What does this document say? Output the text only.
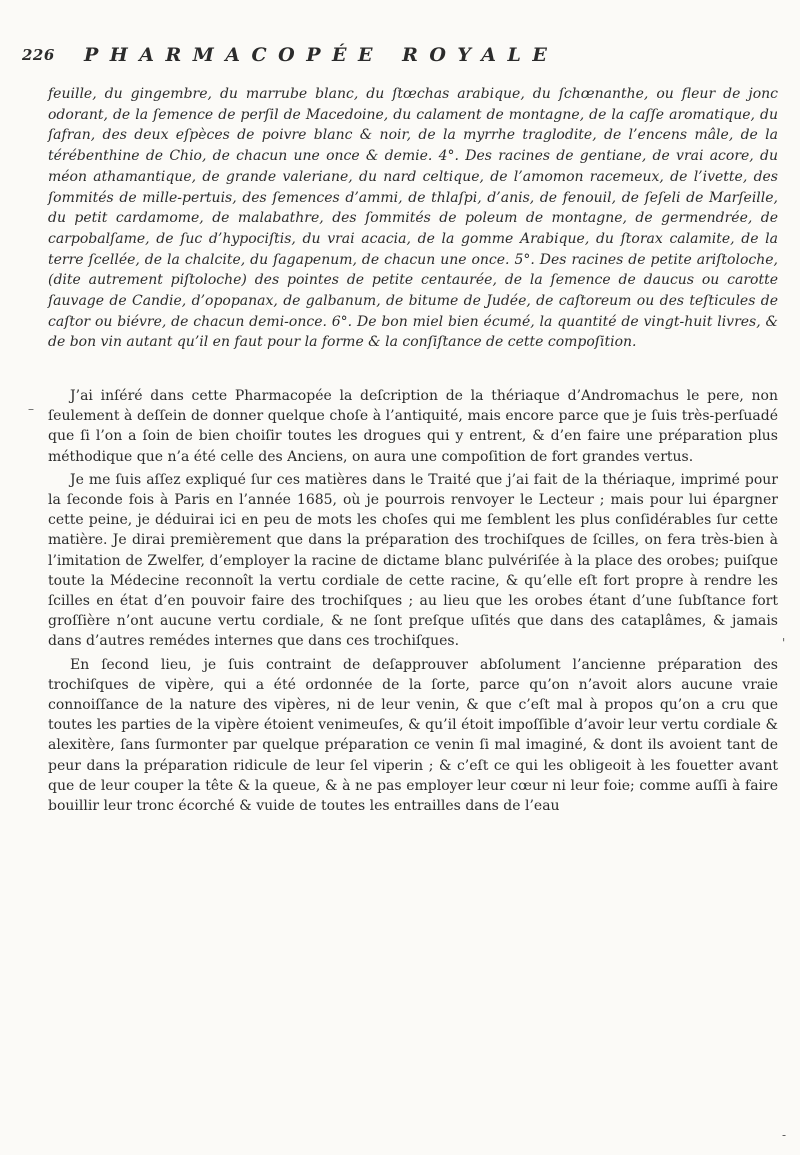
226 PHARMACOPÉE ROYALE

feuille, du gingembre, du marrube blanc, du ſtœchas arabique, du ſchœnanthe, ou fleur de jonc odorant, de la ſemence de perſil de Macedoine, du calament de montagne, de la caſſe aromatique, du ſafran, des deux eſpèces de poivre blanc & noir, de la myrrhe traglodite, de l’encens mâle, de la térébenthine de Chio, de chacun une once & demie. 4°. Des racines de gentiane, de vrai acore, du méon athamantique, de grande valeriane, du nard celtique, de l’amomon racemeux, de l’ivette, des ſommités de mille-pertuis, des ſemences d’ammi, de thlaſpi, d’anis, de fenouil, de ſeſeli de Marſeille, du petit cardamome, de malabathre, des ſommités de poleum de montagne, de germendrée, de carpobalſame, de ſuc d’hypociſtis, du vrai acacia, de la gomme Arabique, du ſtorax calamite, de la terre ſcellée, de la chalcite, du ſagapenum, de chacun une once. 5°. Des racines de petite ariſtoloche, (dite autrement piſtoloche) des pointes de petite centaurée, de la ſemence de daucus ou carotte ſauvage de Candie, d’opopanax, de galbanum, de bitume de Judée, de caſtoreum ou des teſticules de caſtor ou biévre, de chacun demi-once. 6°. De bon miel bien écumé, la quantité de vingt-huit livres, & de bon vin autant qu’il en faut pour la forme & la conſiſtance de cette compoſition.

J’ai inſéré dans cette Pharmacopée la deſcription de la thériaque d’Andromachus le pere, non ſeulement à deſſein de donner quelque choſe à l’antiquité, mais encore parce que je ſuis très-perſuadé que ſi l’on a ſoin de bien choiſir toutes les drogues qui y entrent, & d’en faire une préparation plus méthodique que n’a été celle des Anciens, on aura une compoſition de fort grandes vertus.

Je me ſuis aſſez expliqué ſur ces matières dans le Traité que j’ai fait de la thériaque, imprimé pour la ſeconde fois à Paris en l’année 1685, où je pourrois renvoyer le Lecteur ; mais pour lui épargner cette peine, je déduirai ici en peu de mots les choſes qui me ſemblent les plus conſidérables ſur cette matière. Je dirai premièrement que dans la préparation des trochiſques de ſcilles, on fera très-bien à l’imitation de Zwelfer, d’employer la racine de dictame blanc pulvériſée à la place des orobes; puiſque toute la Médecine reconnoît la vertu cordiale de cette racine, & qu’elle eſt fort propre à rendre les ſcilles en état d’en pouvoir faire des trochiſques ; au lieu que les orobes étant d’une ſubſtance fort groſſière n’ont aucune vertu cordiale, & ne ſont preſque uſités que dans des cataplâmes, & jamais dans d’autres remédes internes que dans ces trochiſques.

En ſecond lieu, je ſuis contraint de deſapprouver abſolument l’ancienne préparation des trochiſques de vipère, qui a été ordonnée de la ſorte, parce qu’on n’avoit alors aucune vraie connoiſſance de la nature des vipères, ni de leur venin, & que c’eſt mal à propos qu’on a cru que toutes les parties de la vipère étoient venimeuſes, & qu’il étoit impoſſible d’avoir leur vertu cordiale & alexitère, ſans ſurmonter par quelque préparation ce venin ſi mal imaginé, & dont ils avoient tant de peur dans la préparation ridicule de leur ſel viperin ; & c’eſt ce qui les obligeoit à les fouetter avant que de leur couper la tête & la queue, & à ne pas employer leur cœur ni leur foie; comme auſſi à faire bouillir leur tronc écorché & vuide de toutes les entrailles dans de l’eau

–
'
-
